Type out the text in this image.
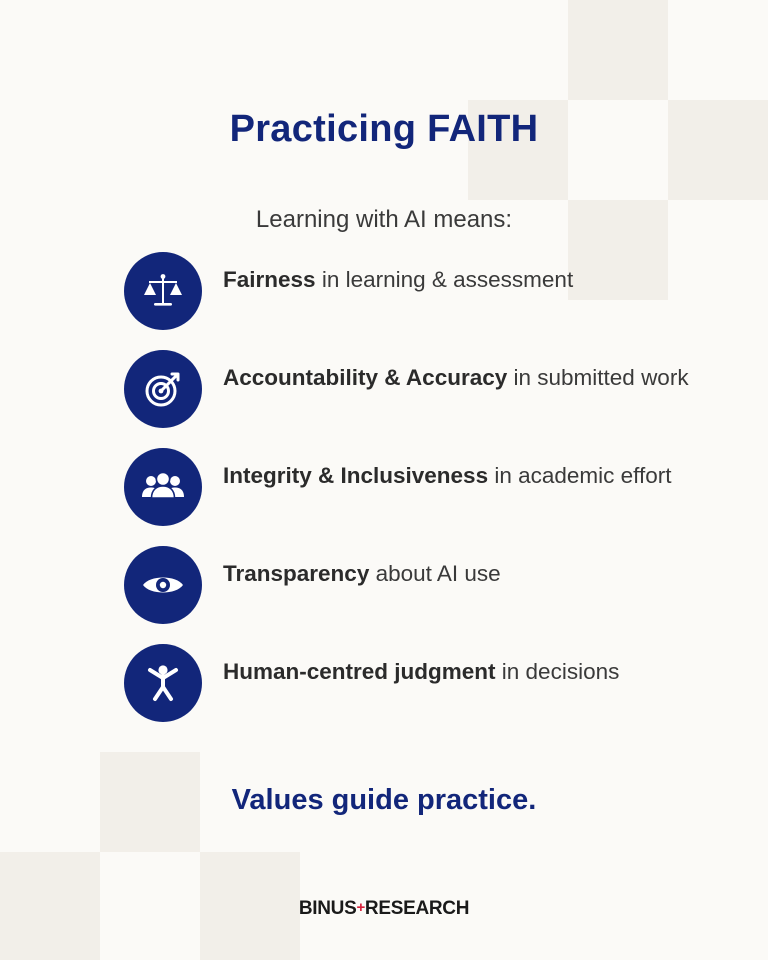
Practicing FAITH
Learning with AI means:
Fairness in learning & assessment
Accountability & Accuracy in submitted work
Integrity & Inclusiveness in academic effort
Transparency about AI use
Human-centred judgment in decisions
Values guide practice.
BINUS+RESEARCH
